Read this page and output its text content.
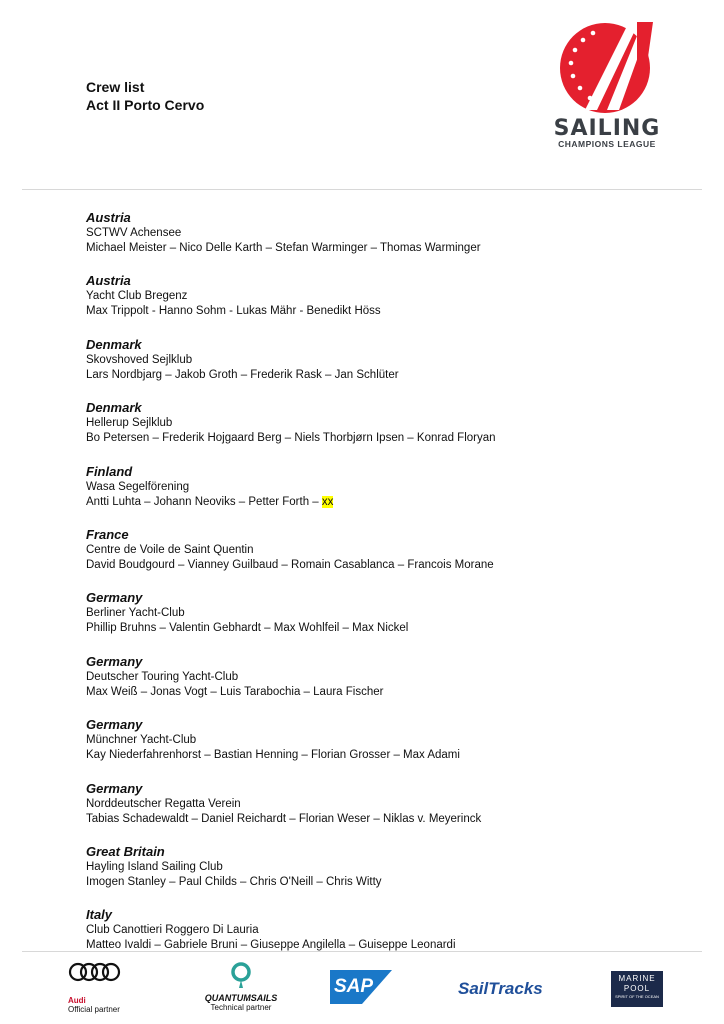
Crew list
Act II Porto Cervo
SAILING
CHAMPIONS LEAGUE
Austria
SCTWV Achensee
Michael Meister – Nico Delle Karth – Stefan Warminger – Thomas Warminger
Austria
Yacht Club Bregenz
Max Trippolt - Hanno Sohm - Lukas Mähr - Benedikt Höss
Denmark
Skovshoved Sejlklub
Lars Nordbjarg – Jakob Groth – Frederik Rask – Jan Schlüter
Denmark
Hellerup Sejlklub
Bo Petersen – Frederik Hojgaard Berg – Niels Thorbjørn Ipsen – Konrad Floryan
Finland
Wasa Segelförening
Antti Luhta – Johann Neoviks – Petter Forth – xx
France
Centre de Voile de Saint Quentin
David Boudgourd – Vianney Guilbaud – Romain Casablanca – Francois Morane
Germany
Berliner Yacht-Club
Phillip Bruhns – Valentin Gebhardt – Max Wohlfeil – Max Nickel
Germany
Deutscher Touring Yacht-Club
Max Weiß – Jonas Vogt – Luis Tarabochia – Laura Fischer
Germany
Münchner Yacht-Club
Kay Niederfahrenhorst – Bastian Henning – Florian Grosser – Max Adami
Germany
Norddeutscher Regatta Verein
Tabias Schadewaldt – Daniel Reichardt – Florian Weser – Niklas v. Meyerinck
Great Britain
Hayling Island Sailing Club
Imogen Stanley – Paul Childs – Chris O'Neill – Chris Witty
Italy
Club Canottieri Roggero Di Lauria
Matteo Ivaldi – Gabriele Bruni – Giuseppe Angilella – Guiseppe Leonardi
Audi
Official partner
QUANTUMSAILS
Technical partner
SAP	SailTracks
MARINE
POOL
SPIRIT OF THE OCEAN
